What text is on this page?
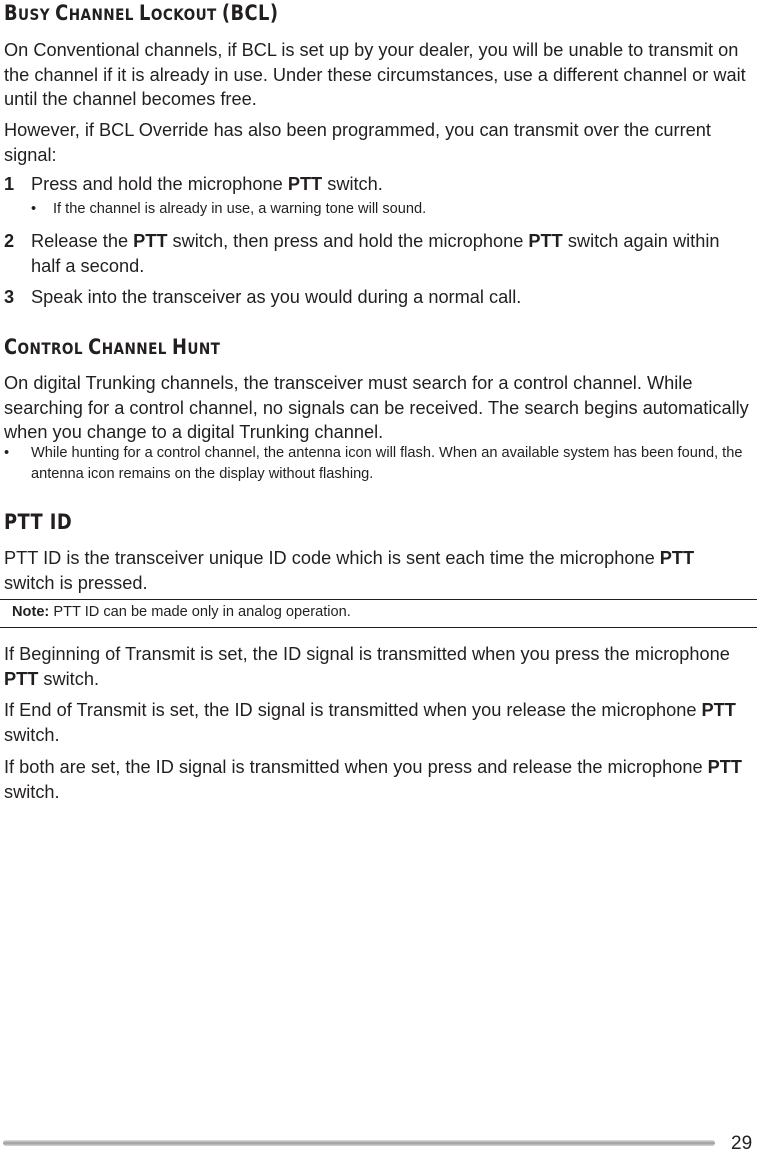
BUSY CHANNEL LOCKOUT (BCL)

On Conventional channels, if BCL is set up by your dealer, you will be unable to transmit on the channel if it is already in use. Under these circumstances, use a different channel or wait until the channel becomes free.

However, if BCL Override has also been programmed, you can transmit over the current signal:

1 Press and hold the microphone PTT switch.

•	If the channel is already in use, a warning tone will sound.
2 Release the PTT switch, then press and hold the microphone PTT switch again within half a second.

3 Speak into the transceiver as you would during a normal call.

CONTROL CHANNEL HUNT

On digital Trunking channels, the transceiver must search for a control channel. While searching for a control channel, no signals can be received. The search begins automatically when you change to a digital Trunking channel.

•	While hunting for a control channel, the antenna icon will flash. When an available system has been found, the antenna icon remains on the display without flashing.
PTT ID

PTT ID is the transceiver unique ID code which is sent each time the microphone PTT switch is pressed.

Note: PTT ID can be made only in analog operation.

If Beginning of Transmit is set, the ID signal is transmitted when you press the microphone PTT switch.

If End of Transmit is set, the ID signal is transmitted when you release the microphone PTT switch.

If both are set, the ID signal is transmitted when you press and release the microphone PTT switch.

29
